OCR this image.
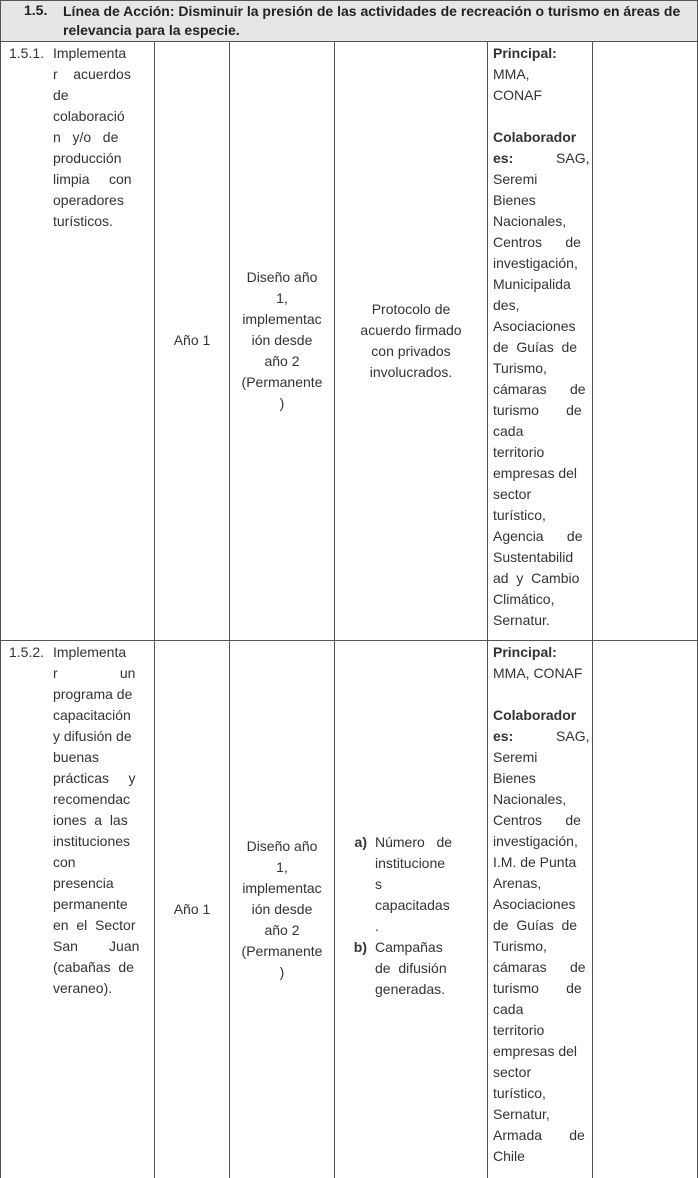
1.5. Línea de Acción: Disminuir la presión de las actividades de recreación o turismo en áreas de relevancia para la especie.
1.5.1. Implementa
r    acuerdos
de
colaboració
n   y/o   de
producción
limpia     con
operadores
turísticos.
Año 1
Diseño año
1,
implementac
ión desde
año 2
(Permanente
)
Protocolo de
acuerdo firmado
con privados
involucrados.
Principal:
MMA,
CONAF
Colaborador
es:           SAG,
Seremi
Bienes
Nacionales,
Centros      de
investigación,
Municipalida
des,
Asociaciones
de  Guías  de
Turismo,
cámaras      de
turismo       de
cada
territorio
empresas del
sector
turístico,
Agencia      de
Sustentabilid
ad  y  Cambio
Climático,
Sernatur.
1.5.2. Implementa
r                un
programa de
capacitación
y difusión de
buenas
prácticas     y
recomendac
iones  a  las
instituciones
con
presencia
permanente
en  el  Sector
San        Juan
(cabañas  de
veraneo).
Año 1
Diseño año
1,
implementac
ión desde
año 2
(Permanente
)
a) Número   de
institucione
s
capacitadas
.
b) Campañas
de  difusión
generadas.
Principal:
MMA, CONAF
Colaborador
es:           SAG,
Seremi
Bienes
Nacionales,
Centros      de
investigación,
I.M. de Punta
Arenas,
Asociaciones
de  Guías  de
Turismo,
cámaras      de
turismo       de
cada
territorio
empresas del
sector
turístico,
Sernatur,
Armada       de
Chile
